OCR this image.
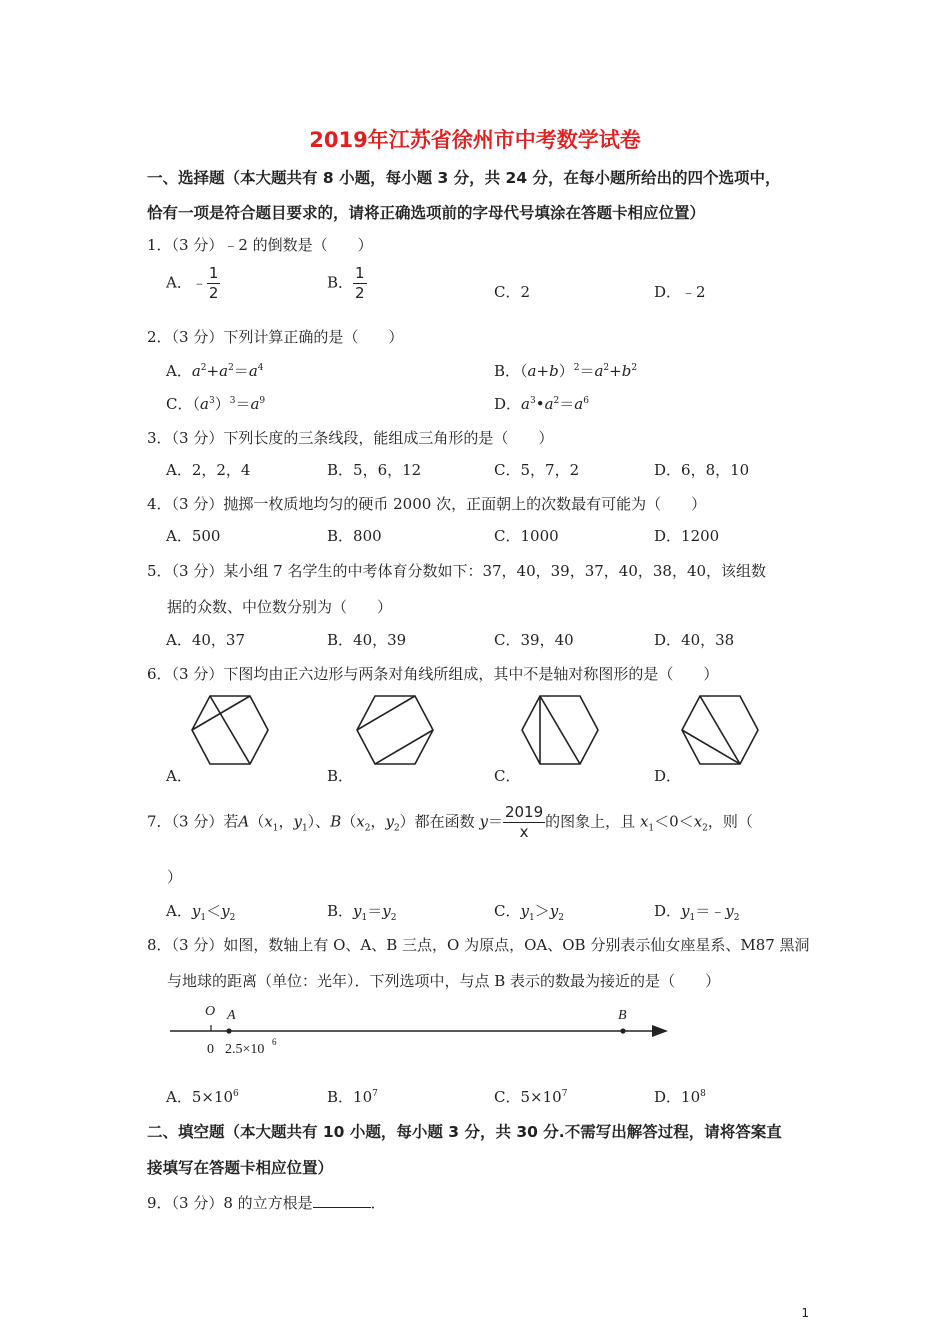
2019年江苏省徐州市中考数学试卷
一、选择题（本大题共有 8 小题，每小题 3 分，共 24 分，在每小题所给出的四个选项中，
恰有一项是符合题目要求的，请将正确选项前的字母代号填涂在答题卡相应位置）
1．（3 分）﹣2 的倒数是（　　）
A．﹣ $\frac{1}{2}$	B． $\frac{1}{2}$	C．2	D．﹣2
2．（3 分）下列计算正确的是（　　）
A．$a^2+a^2=a^4$	B．$(a+b)^2=a^2+b^2$
C．$(a^3)^3=a^9$	D．$a^3•a^2=a^6$
3．（3 分）下列长度的三条线段，能组成三角形的是（　　）
A．2，2，4	B．5，6，12	C．5，7，2	D．6，8，10
4．（3 分）抛掷一枚质地均匀的硬币 2000 次，正面朝上的次数最有可能为（　　）
A．500	B．800	C．1000	D．1200
5．（3 分）某小组 7 名学生的中考体育分数如下：37，40，39，37，40，38，40，该组数
据的众数、中位数分别为（　　）
A．40，37	B．40，39	C．39，40	D．40，38
6．（3 分）下图均由正六边形与两条对角线所组成，其中不是轴对称图形的是（　　）
A．	B．	C．	D．
7．（3 分）若$A(x_1$，$y_1$）、$B(x_2$，$y_2$）都在函数 $y= \frac{2019}{x}$ 的图象上，且 $x_1<0<x_2$，则（
）
A．$y_1<y_2$	B．$y_1=y_2$	C．$y_1>y_2$	D．$y_1=﹣y_2$
8．（3 分）如图，数轴上有 O、A、B 三点，O 为原点，OA、OB 分别表示仙女座星系、M87 黑洞
与地球的距离（单位：光年）．下列选项中，与点 B 表示的数最为接近的是（　　）
O A	B
0 2.5×10 6
A．$5\times 10^6$	B．$10^7$	C．$5\times 10^7$	D．$10^8$
二、填空题（本大题共有 10 小题，每小题 3 分，共 30 分.不需写出解答过程，请将答案直
接填写在答题卡相应位置）
9．（3 分）8 的立方根是	．
1
